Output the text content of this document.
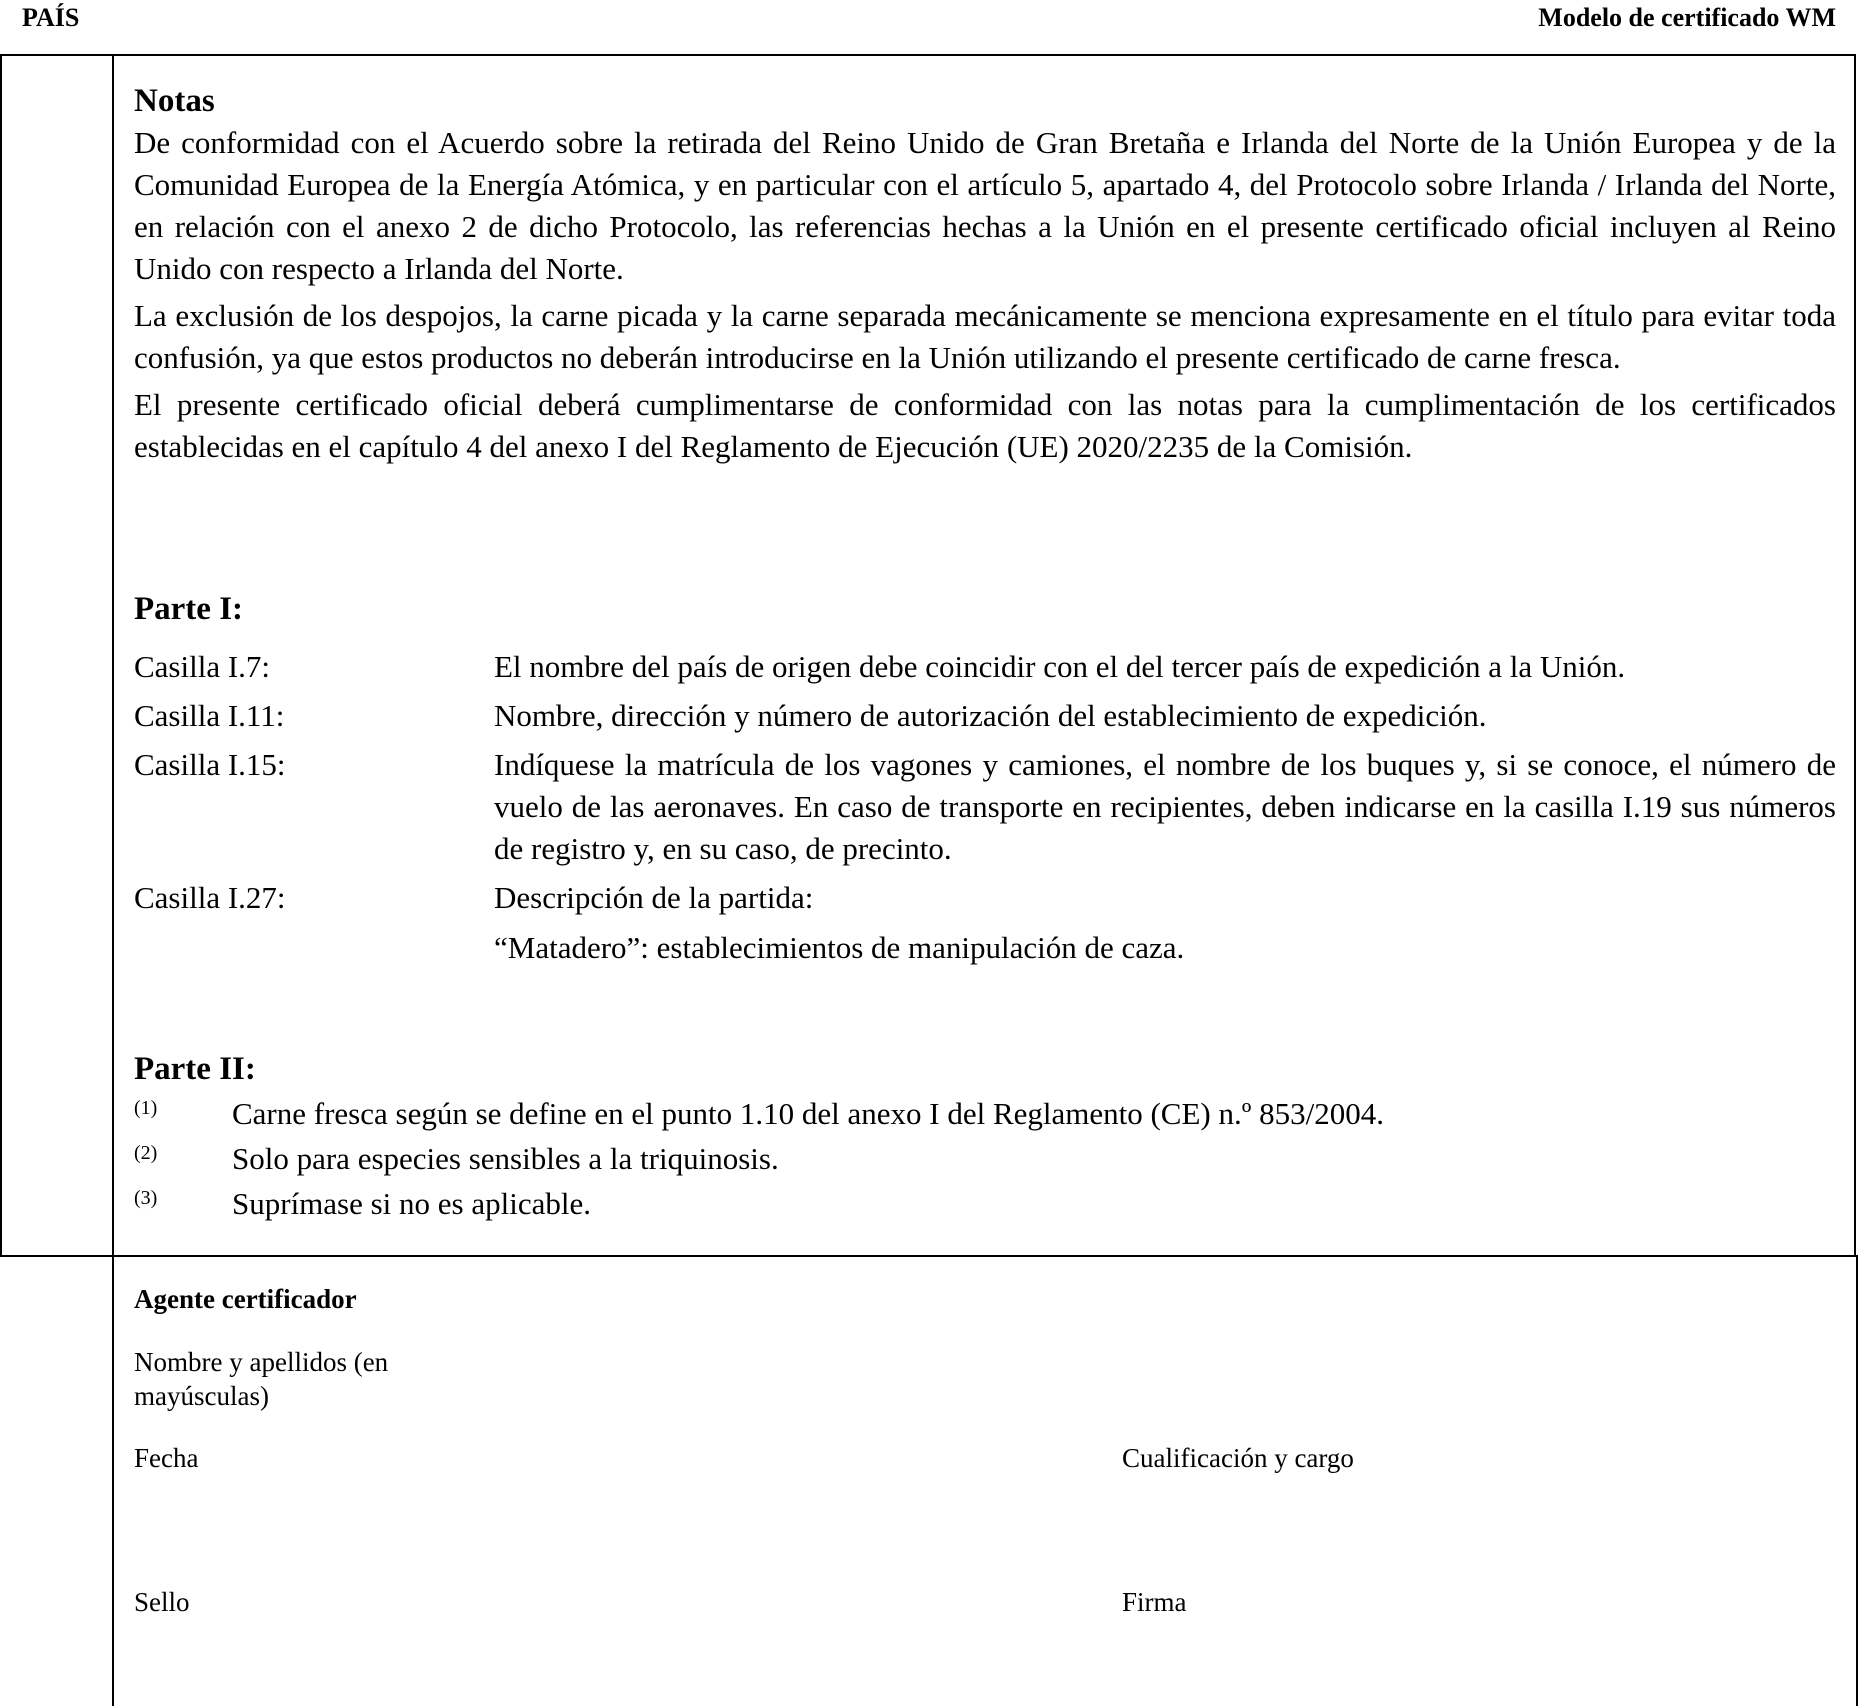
PAÍS	Modelo de certificado WM
Notas

De conformidad con el Acuerdo sobre la retirada del Reino Unido de Gran Bretaña e Irlanda del Norte de la Unión Europea y de la Comunidad Europea de la Energía Atómica, y en particular con el artículo 5, apartado 4, del Protocolo sobre Irlanda / Irlanda del Norte, en relación con el anexo 2 de dicho Protocolo, las referencias hechas a la Unión en el presente certificado oficial incluyen al Reino Unido con respecto a Irlanda del Norte.

La exclusión de los despojos, la carne picada y la carne separada mecánicamente se menciona expresamente en el título para evitar toda confusión, ya que estos productos no deberán introducirse en la Unión utilizando el presente certificado de carne fresca.

El presente certificado oficial deberá cumplimentarse de conformidad con las notas para la cumplimentación de los certificados establecidas en el capítulo 4 del anexo I del Reglamento de Ejecución (UE) 2020/2235 de la Comisión.

Parte I:
Casilla I.7:	El nombre del país de origen debe coincidir con el del tercer país de expedición a la Unión.
Casilla I.11:	Nombre, dirección y número de autorización del establecimiento de expedición.
Casilla I.15:	Indíquese la matrícula de los vagones y camiones, el nombre de los buques y, si se conoce, el número de vuelo de las aeronaves. En caso de transporte en recipientes, deben indicarse en la casilla I.19 sus números de registro y, en su caso, de precinto.
Casilla I.27:	Descripción de la partida:
“Matadero”: establecimientos de manipulación de caza.
Parte II:
(1)	Carne fresca según se define en el punto 1.10 del anexo I del Reglamento (CE) n.º 853/2004.
(2)	Solo para especies sensibles a la triquinosis.
(3)	Suprímase si no es aplicable.
Agente certificador
Nombre y apellidos (en mayúsculas)
Fecha	Cualificación y cargo
Sello	Firma
